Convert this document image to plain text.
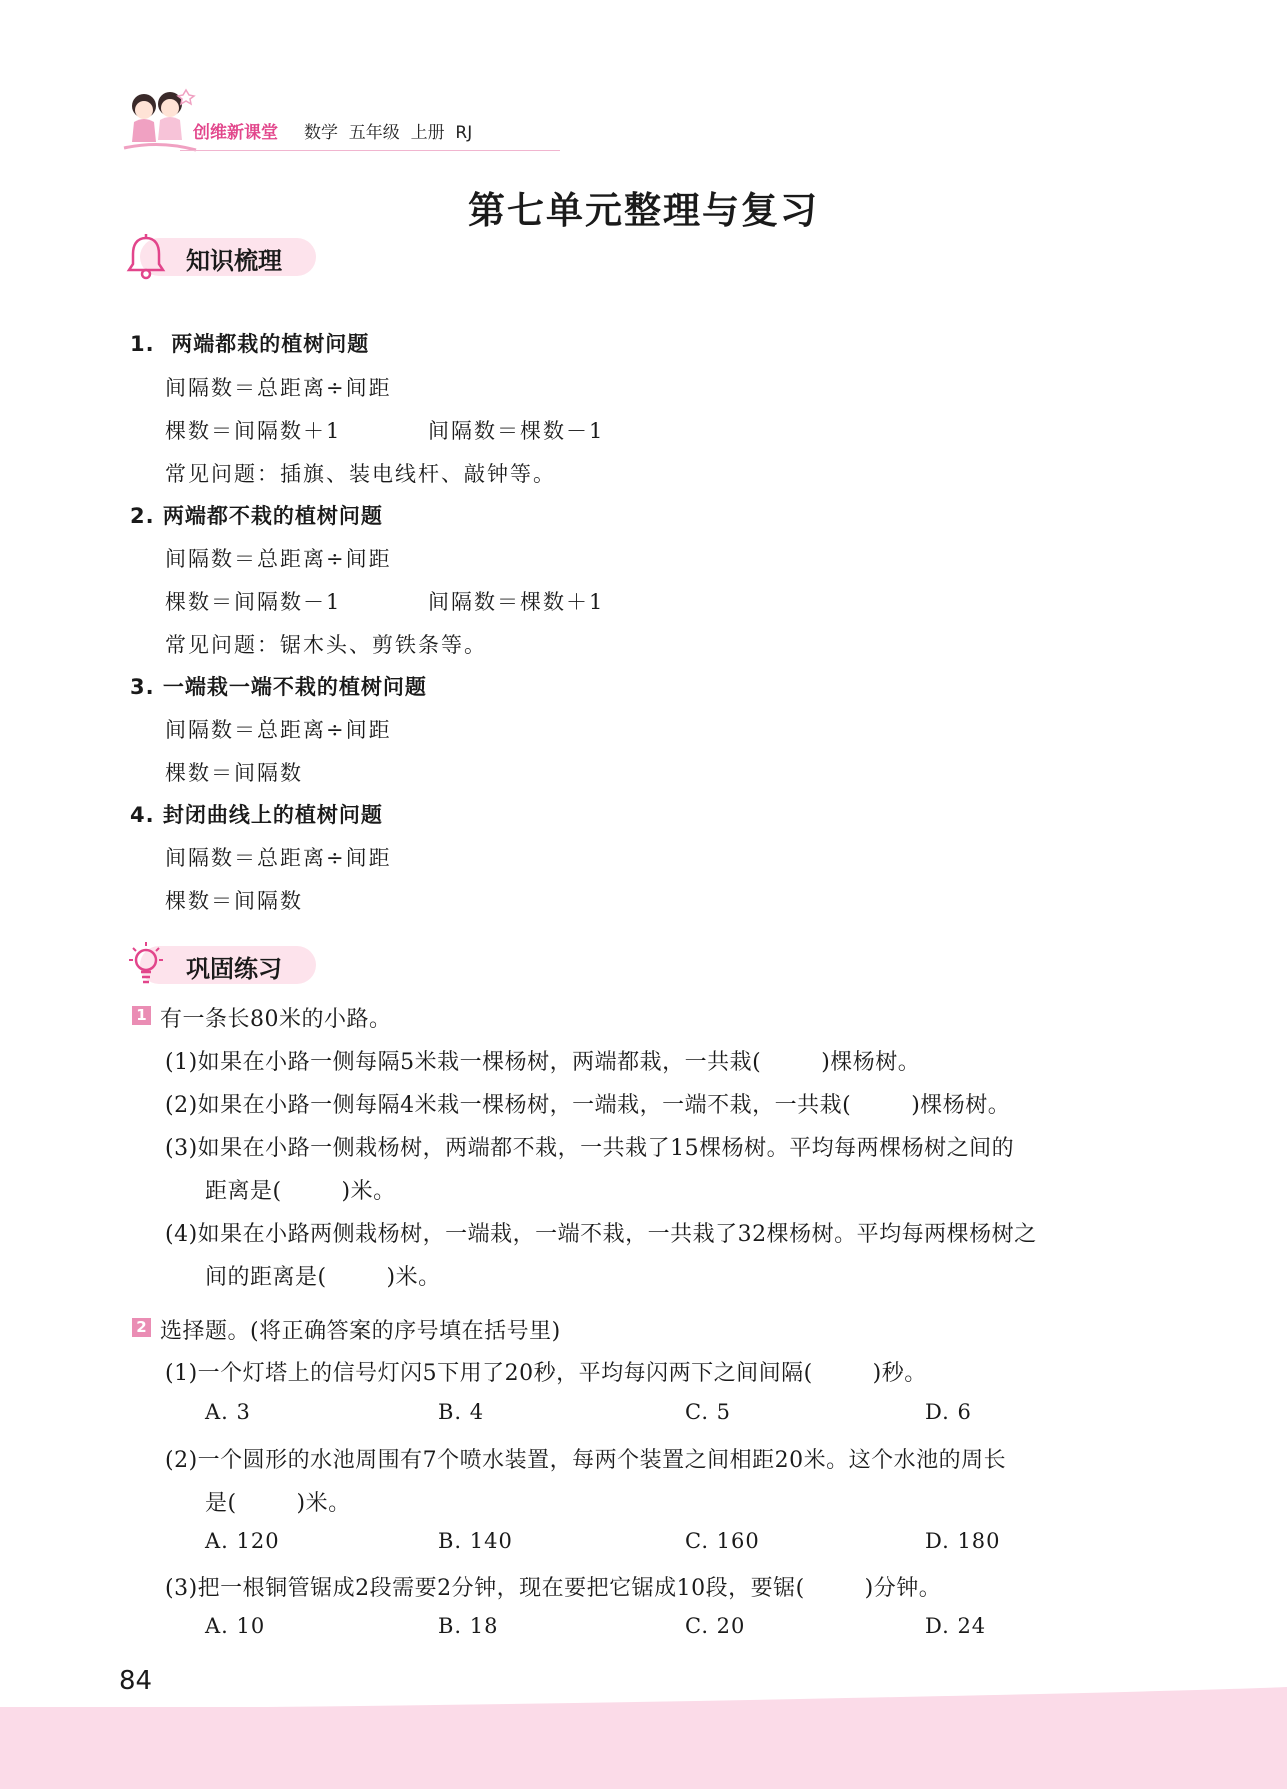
创维新课堂 数学  五年级  上册  RJ
第七单元整理与复习
知识梳理
1.  两端都栽的植树问题
间隔数＝总距离÷间距
棵数＝间隔数＋1	间隔数＝棵数－1
常见问题：插旗、装电线杆、敲钟等。
2. 两端都不栽的植树问题
间隔数＝总距离÷间距
棵数＝间隔数－1	间隔数＝棵数＋1
常见问题：锯木头、剪铁条等。
3. 一端栽一端不栽的植树问题
间隔数＝总距离÷间距
棵数＝间隔数
4. 封闭曲线上的植树问题
间隔数＝总距离÷间距
棵数＝间隔数
巩固练习
1 有一条长80米的小路。
(1)如果在小路一侧每隔5米栽一棵杨树，两端都栽，一共栽(        )棵杨树。
(2)如果在小路一侧每隔4米栽一棵杨树，一端栽，一端不栽，一共栽(        )棵杨树。
(3)如果在小路一侧栽杨树，两端都不栽，一共栽了15棵杨树。平均每两棵杨树之间的
距离是(        )米。
(4)如果在小路两侧栽杨树，一端栽，一端不栽，一共栽了32棵杨树。平均每两棵杨树之
间的距离是(        )米。
2 选择题。(将正确答案的序号填在括号里)
(1)一个灯塔上的信号灯闪5下用了20秒，平均每闪两下之间间隔(        )秒。
A. 3	B. 4	C. 5	D. 6
(2)一个圆形的水池周围有7个喷水装置，每两个装置之间相距20米。这个水池的周长
是(        )米。
A. 120	B. 140	C. 160	D. 180
(3)把一根铜管锯成2段需要2分钟，现在要把它锯成10段，要锯(        )分钟。
A. 10	B. 18	C. 20	D. 24
84
